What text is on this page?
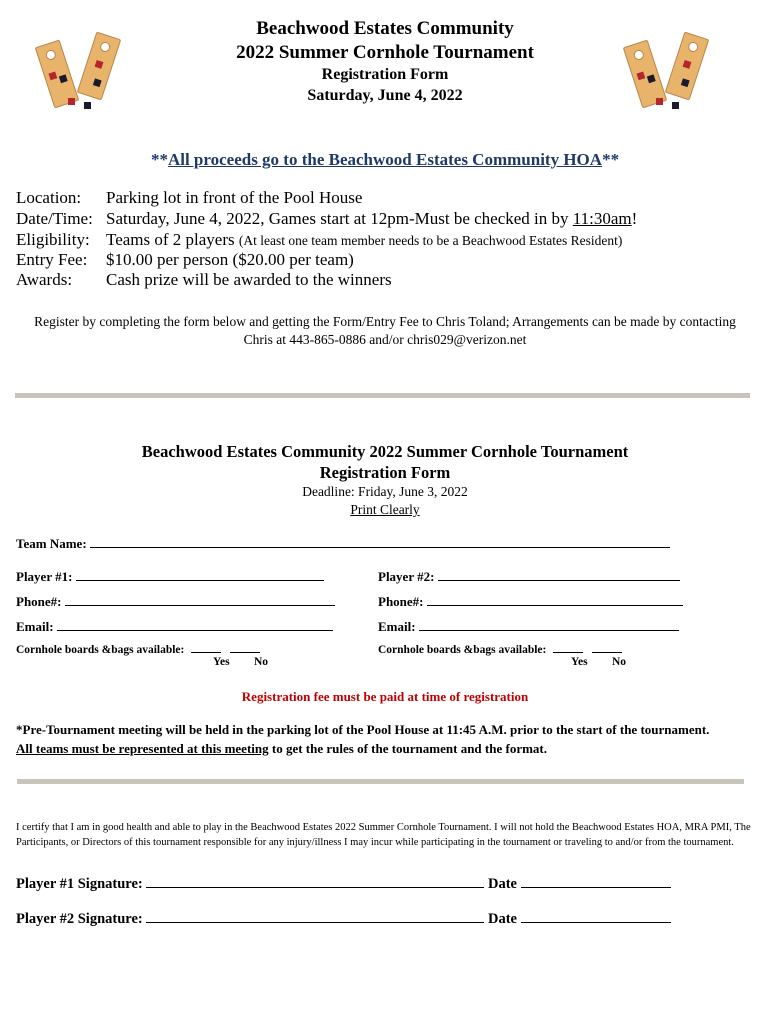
Beachwood Estates Community
2022 Summer Cornhole Tournament
Registration Form
Saturday, June 4, 2022
**All proceeds go to the Beachwood Estates Community HOA**
Location: Parking lot in front of the Pool House
Date/Time: Saturday, June 4, 2022, Games start at 12pm-Must be checked in by 11:30am!
Eligibility: Teams of 2 players (At least one team member needs to be a Beachwood Estates Resident)
Entry Fee: $10.00 per person ($20.00 per team)
Awards: Cash prize will be awarded to the winners
Register by completing the form below and getting the Form/Entry Fee to Chris Toland; Arrangements can be made by contacting Chris at 443-865-0886 and/or chris029@verizon.net
Beachwood Estates Community 2022 Summer Cornhole Tournament
Registration Form
Deadline: Friday, June 3, 2022
Print Clearly
Team Name:
Player #1:	Player #2:
Phone#:	Phone#:
Email:	Email:
Cornhole boards &bags available:
Yes No
Cornhole boards &bags available:
Yes No
Registration fee must be paid at time of registration
*Pre-Tournament meeting will be held in the parking lot of the Pool House at 11:45 A.M. prior to the start of the tournament. All teams must be represented at this meeting to get the rules of the tournament and the format.
I certify that I am in good health and able to play in the Beachwood Estates 2022 Summer Cornhole Tournament. I will not hold the Beachwood Estates HOA, MRA PMI, The Participants, or Directors of this tournament responsible for any injury/illness I may incur while participating in the tournament or traveling to and/or from the tournament.
Player #1 Signature:	Date
Player #2 Signature:	Date
